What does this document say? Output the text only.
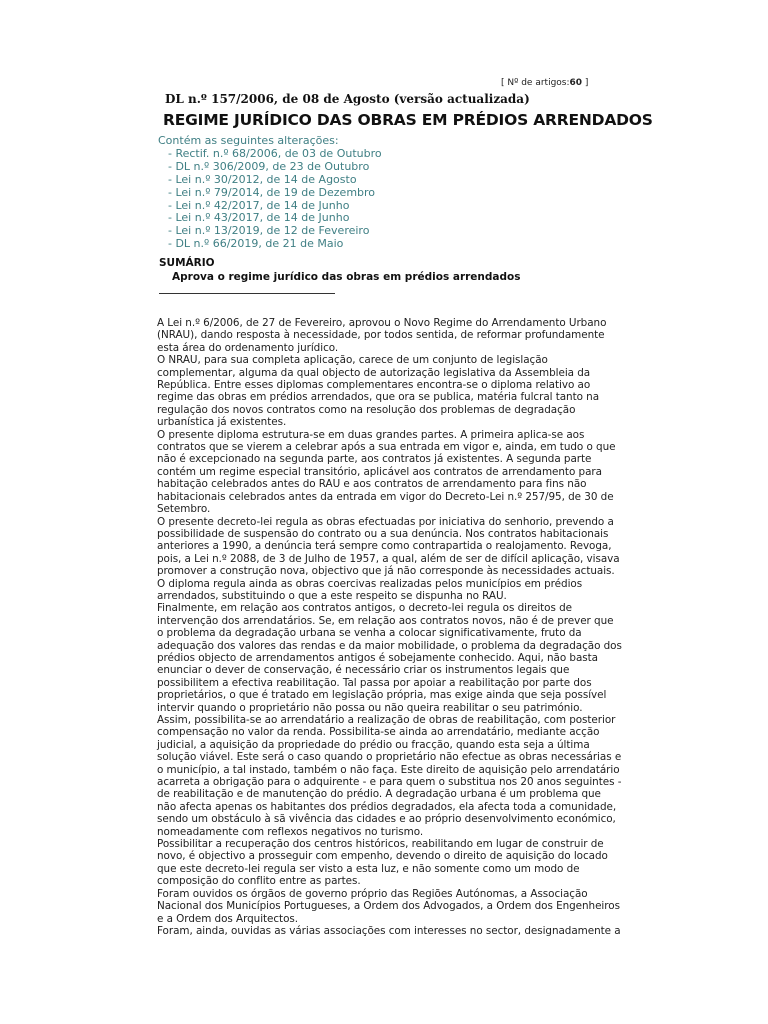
[ Nº de artigos:60 ]
DL n.º 157/2006, de 08 de Agosto (versão actualizada)
REGIME JURÍDICO DAS OBRAS EM PRÉDIOS ARRENDADOS
Contém as seguintes alterações:
- Rectif. n.º 68/2006, de 03 de Outubro
- DL n.º 306/2009, de 23 de Outubro
- Lei n.º 30/2012, de 14 de Agosto
- Lei n.º 79/2014, de 19 de Dezembro
- Lei n.º 42/2017, de 14 de Junho
- Lei n.º 43/2017, de 14 de Junho
- Lei n.º 13/2019, de 12 de Fevereiro
- DL n.º 66/2019, de 21 de Maio
SUMÁRIO
Aprova o regime jurídico das obras em prédios arrendados

A Lei n.º 6/2006, de 27 de Fevereiro, aprovou o Novo Regime do Arrendamento Urbano (NRAU), dando resposta à necessidade, por todos sentida, de reformar profundamente esta área do ordenamento jurídico.

O NRAU, para sua completa aplicação, carece de um conjunto de legislação complementar, alguma da qual objecto de autorização legislativa da Assembleia da República. Entre esses diplomas complementares encontra-se o diploma relativo ao regime das obras em prédios arrendados, que ora se publica, matéria fulcral tanto na regulação dos novos contratos como na resolução dos problemas de degradação urbanística já existentes.

O presente diploma estrutura-se em duas grandes partes. A primeira aplica-se aos contratos que se vierem a celebrar após a sua entrada em vigor e, ainda, em tudo o que não é excepcionado na segunda parte, aos contratos já existentes. A segunda parte contém um regime especial transitório, aplicável aos contratos de arrendamento para habitação celebrados antes do RAU e aos contratos de arrendamento para fins não habitacionais celebrados antes da entrada em vigor do Decreto-Lei n.º 257/95, de 30 de Setembro.

O presente decreto-lei regula as obras efectuadas por iniciativa do senhorio, prevendo a possibilidade de suspensão do contrato ou a sua denúncia. Nos contratos habitacionais anteriores a 1990, a denúncia terá sempre como contrapartida o realojamento. Revoga, pois, a Lei n.º 2088, de 3 de Julho de 1957, a qual, além de ser de difícil aplicação, visava promover a construção nova, objectivo que já não corresponde às necessidades actuais. O diploma regula ainda as obras coercivas realizadas pelos municípios em prédios arrendados, substituindo o que a este respeito se dispunha no RAU.

Finalmente, em relação aos contratos antigos, o decreto-lei regula os direitos de intervenção dos arrendatários. Se, em relação aos contratos novos, não é de prever que o problema da degradação urbana se venha a colocar significativamente, fruto da adequação dos valores das rendas e da maior mobilidade, o problema da degradação dos prédios objecto de arrendamentos antigos é sobejamente conhecido. Aqui, não basta enunciar o dever de conservação, é necessário criar os instrumentos legais que possibilitem a efectiva reabilitação. Tal passa por apoiar a reabilitação por parte dos proprietários, o que é tratado em legislação própria, mas exige ainda que seja possível intervir quando o proprietário não possa ou não queira reabilitar o seu património.

Assim, possibilita-se ao arrendatário a realização de obras de reabilitação, com posterior compensação no valor da renda. Possibilita-se ainda ao arrendatário, mediante acção judicial, a aquisição da propriedade do prédio ou fracção, quando esta seja a última solução viável. Este será o caso quando o proprietário não efectue as obras necessárias e o município, a tal instado, também o não faça. Este direito de aquisição pelo arrendatário acarreta a obrigação para o adquirente - e para quem o substitua nos 20 anos seguintes - de reabilitação e de manutenção do prédio. A degradação urbana é um problema que não afecta apenas os habitantes dos prédios degradados, ela afecta toda a comunidade, sendo um obstáculo à sã vivência das cidades e ao próprio desenvolvimento económico, nomeadamente com reflexos negativos no turismo.

Possibilitar a recuperação dos centros históricos, reabilitando em lugar de construir de novo, é objectivo a prosseguir com empenho, devendo o direito de aquisição do locado que este decreto-lei regula ser visto a esta luz, e não somente como um modo de composição do conflito entre as partes.

Foram ouvidos os órgãos de governo próprio das Regiões Autónomas, a Associação Nacional dos Municípios Portugueses, a Ordem dos Advogados, a Ordem dos Engenheiros e a Ordem dos Arquitectos.

Foram, ainda, ouvidas as várias associações com interesses no sector, designadamente a
